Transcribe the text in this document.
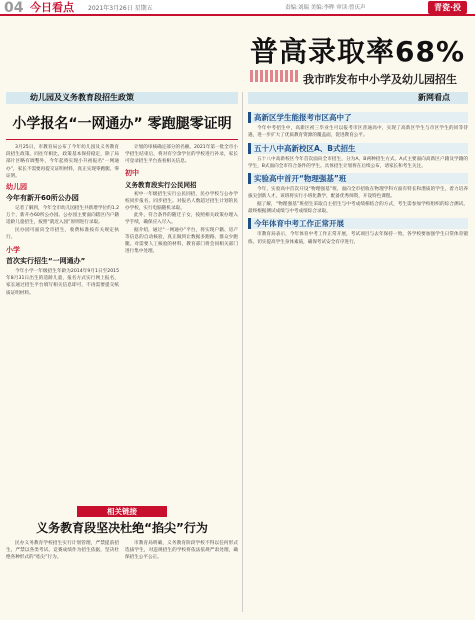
04 今日看点 2021年3月26日 星期五	责编:刘瑞 美编:李晔 审读:曾庆声	青瓷·投
普高录取率68%
我市昨发布中小学及幼儿园招生
幼儿园及义务教育段招生政策	新网看点
小学报名“一网通办” 零跑腿零证明

3月25日，市教育局公布了今年幼儿园及义务教育段招生政策。同往年相比，政策基本保持稳定，除了局部片区略有调整外，今年起将实现小升初报名“一网通办”，家长不需要再提交证明材料，真正实现零跑腿、零证明。

幼儿园
今年有新开60所公办园

记者了解到，今年全市幼儿园招生共新增学位约1.2万个，新开办60所公办园。公办园主要面向辖区内户籍适龄儿童招生，按照“就近入园”原则进行录取。

民办园可面向全市招生，收费标准按有关规定执行。

小学
首次实行招生“一网通办”

今年小学一年级招生年龄为2014年9月1日至2015年8月31日出生的适龄儿童，报名方式实行网上报名，家长通过招生平台填写相关信息即可，不再需要提交纸质证明材料。

计划的审核确定部分的名额。2021年第一批全市小学招生结束后，将对有空余学位的学校进行补录，家长可登录招生平台查看相关信息。

初中
义务教育段实行公民同招

初中一年级招生实行公民同招，民办学校与公办学校同步报名、同步招生。对报名人数超过招生计划的民办学校，实行电脑随机录取。

此外，符合条件的随迁子女，按照相关政策办理入学手续，确保应入尽入。

据介绍，通过“一网通办”平台，将实现户籍、房产等信息的自动核验，真正做到让数据多跑路、群众少跑腿。对需要人工核验的材料，教育部门将会同相关部门进行集中处理。

相关链接
义务教育段坚决杜绝“掐尖”行为

民办义务教育学校招生实行计划管理，严禁提前招生、严禁以各类考试、竞赛成绩作为招生依据，坚决杜绝各种形式的“掐尖”行为。

市教育局明确，义务教育阶段学校不得以任何形式选拔学生，对违规招生的学校将依法依规严肃处理，确保招生公平公正。

高新区学生能报考市区高中了

今年中考招生中，高新区初三毕业生可以报考市区普通高中，实现了高新区学生与市区学生的同等待遇，进一步扩大了优质教育资源的覆盖面，促进教育公平。

五十八中高新校区A、B式招生

五十八中高新校区今年首次面向全市招生，分为A、B两种招生方式。A式主要面向高新区户籍及学籍的学生，B式面向全市符合条件的学生。具体招生计划将在后续公布，请家长和考生关注。

实验高中首开“物理强基”班

今年，实验高中首次开设“物理强基”班，面向全市招收在物理学科方面有特长和潜质的学生，着力培养拔尖创新人才。该班将实行小班化教学，配备优秀师资，开设特色课程。

据了解，“物理强基”班招生采取自主招生与中考成绩相结合的方式，考生需参加学校组织的综合测试，最终根据测试成绩与中考成绩综合录取。

今年体育中考工作正常开展

市教育局表示，今年体育中考工作正常开展，考试项目与去年保持一致，各学校要加强学生日常体育锻炼，切实提高学生身体素质，确保考试安全有序进行。
